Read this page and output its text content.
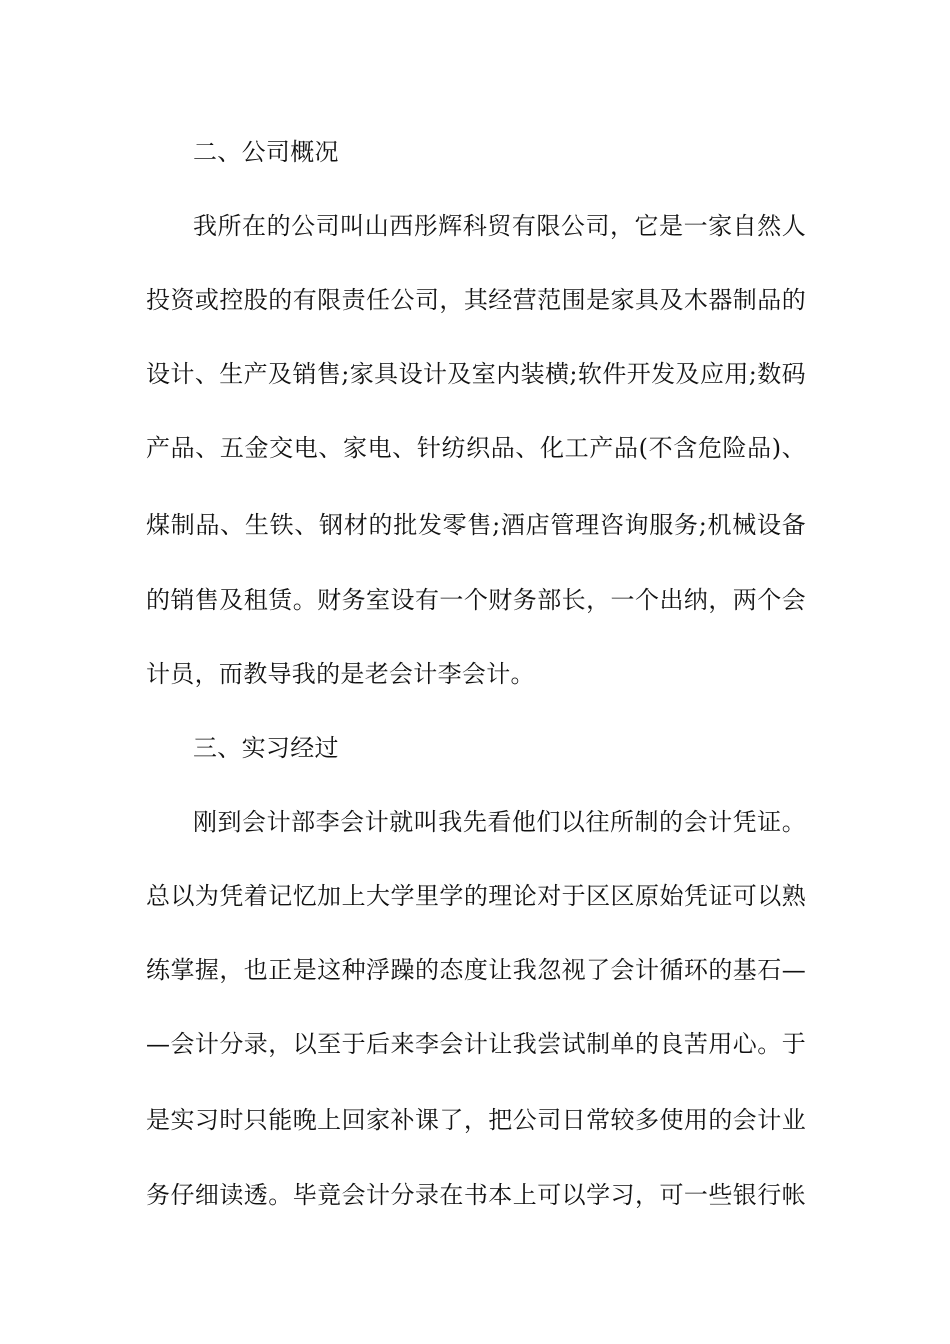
二、公司概况
我所在的公司叫山西彤辉科贸有限公司，它是一家自然人
投资或控股的有限责任公司，其经营范围是家具及木器制品的
设计、生产及销售;家具设计及室内装横;软件开发及应用;数码
产品、五金交电、家电、针纺织品、化工产品(不含危险品)、
煤制品、生铁、钢材的批发零售;酒店管理咨询服务;机械设备
的销售及租赁。财务室设有一个财务部长，一个出纳，两个会
计员，而教导我的是老会计李会计。
三、实习经过
刚到会计部李会计就叫我先看他们以往所制的会计凭证。
总以为凭着记忆加上大学里学的理论对于区区原始凭证可以熟
练掌握，也正是这种浮躁的态度让我忽视了会计循环的基石—
—会计分录，以至于后来李会计让我尝试制单的良苦用心。于
是实习时只能晚上回家补课了，把公司日常较多使用的会计业
务仔细读透。毕竟会计分录在书本上可以学习，可一些银行帐
